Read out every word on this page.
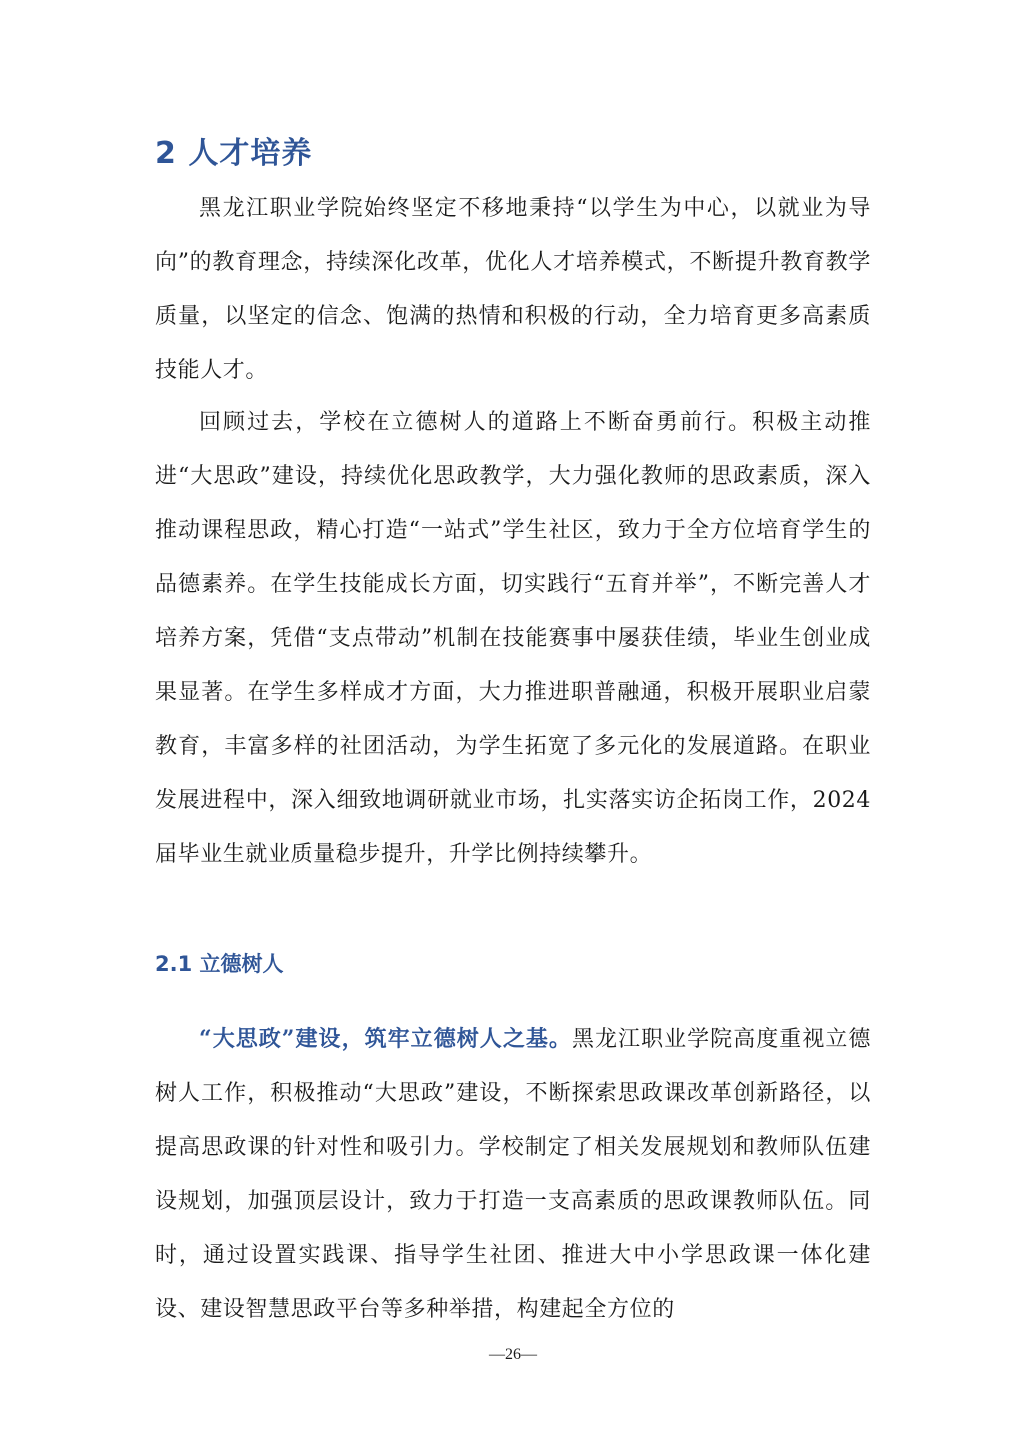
2 人才培养

黑龙江职业学院始终坚定不移地秉持“以学生为中心，以就业为导向”的教育理念，持续深化改革，优化人才培养模式，不断提升教育教学质量，以坚定的信念、饱满的热情和积极的行动，全力培育更多高素质技能人才。

回顾过去，学校在立德树人的道路上不断奋勇前行。积极主动推进“大思政”建设，持续优化思政教学，大力强化教师的思政素质，深入推动课程思政，精心打造“一站式”学生社区，致力于全方位培育学生的品德素养。在学生技能成长方面，切实践行“五育并举”，不断完善人才培养方案，凭借“支点带动”机制在技能赛事中屡获佳绩，毕业生创业成果显著。在学生多样成才方面，大力推进职普融通，积极开展职业启蒙教育，丰富多样的社团活动，为学生拓宽了多元化的发展道路。在职业发展进程中，深入细致地调研就业市场，扎实落实访企拓岗工作，2024 届毕业生就业质量稳步提升，升学比例持续攀升。

2.1 立德树人

“大思政”建设，筑牢立德树人之基。黑龙江职业学院高度重视立德树人工作，积极推动“大思政”建设，不断探索思政课改革创新路径，以提高思政课的针对性和吸引力。学校制定了相关发展规划和教师队伍建设规划，加强顶层设计，致力于打造一支高素质的思政课教师队伍。同时，通过设置实践课、指导学生社团、推进大中小学思政课一体化建设、建设智慧思政平台等多种举措，构建起全方位的

—26—
